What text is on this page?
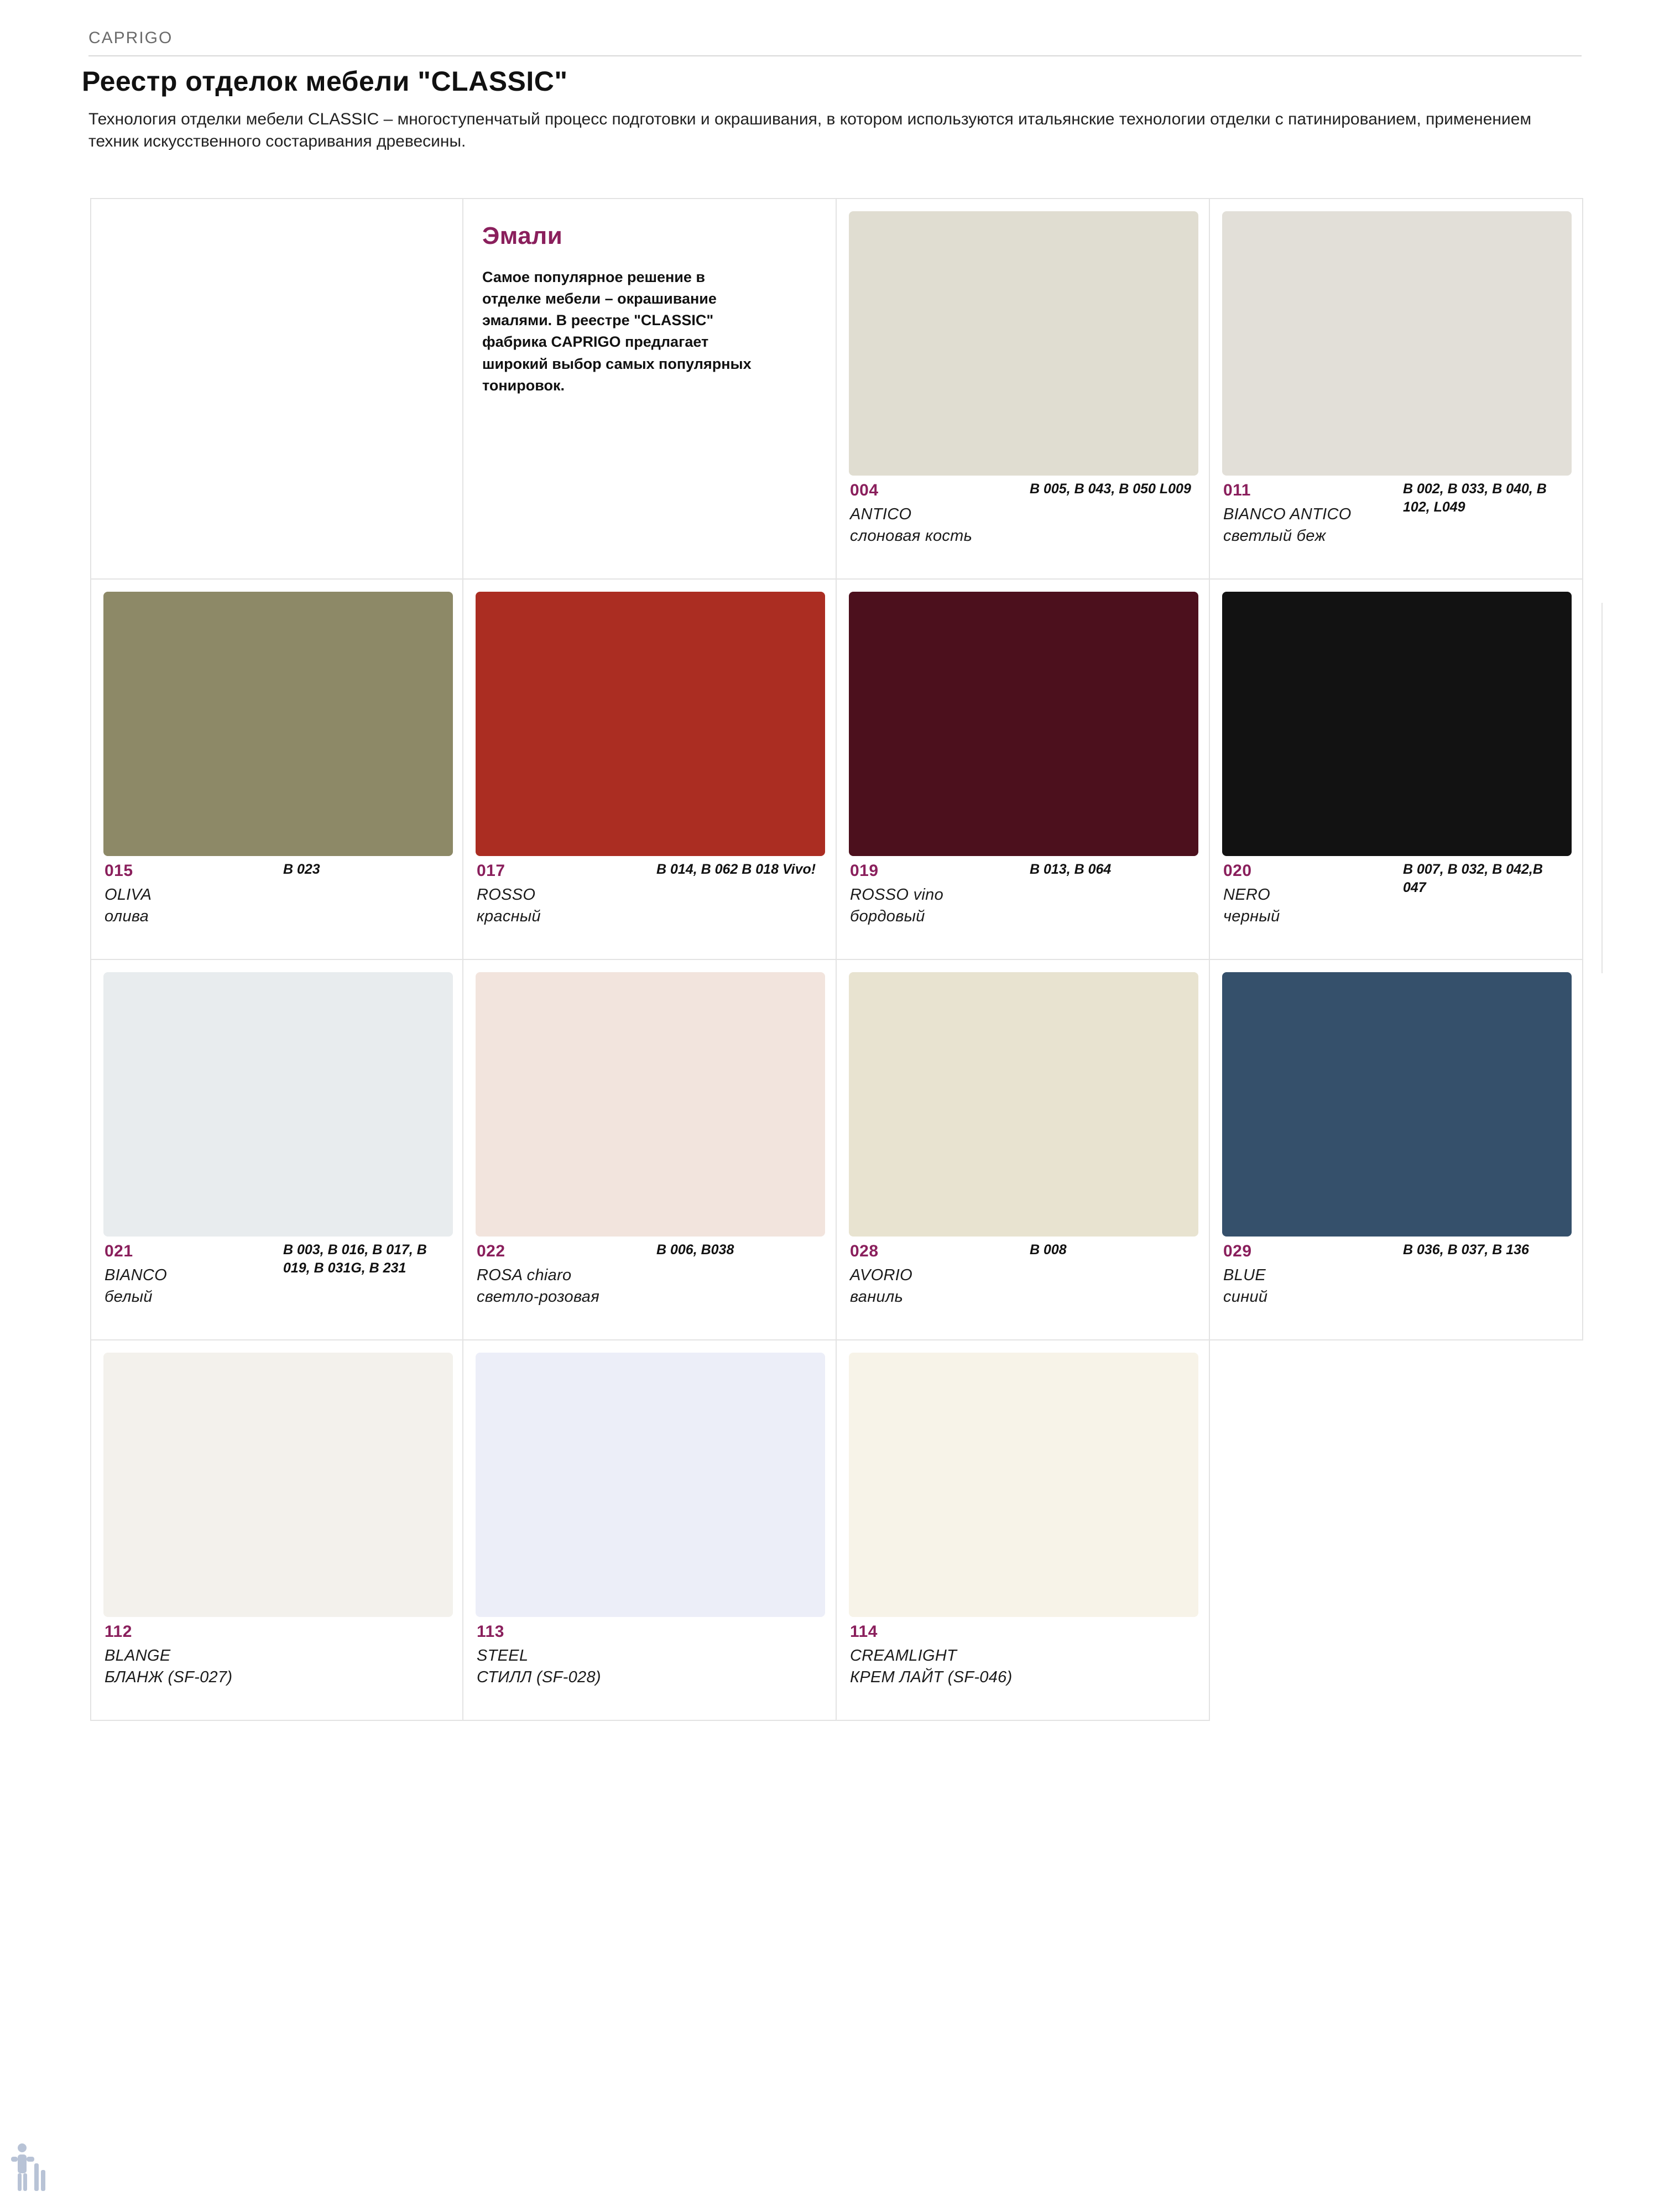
CAPRIGO
Реестр отделок мебели "CLASSIC"
Технология отделки мебели CLASSIC – многоступенчатый процесс подготовки и окрашивания, в котором используются итальянские технологии отделки с патинированием, применением техник искусственного состаривания древесины.
Эмали
Самое популярное решение в отделке мебели – окрашивание эмалями. В реестре "CLASSIC" фабрика CAPRIGO предлагает широкий выбор самых популярных тонировок.
004	B 005, B 043, B 050 L009
ANTICO
слоновая кость
011	B 002, B 033, B 040, B 102, L049
BIANCO ANTICO
светлый беж
015	B 023
OLIVA
олива
017	B 014, B 062 B 018 Vivo!
ROSSO
красный
019	B 013, B 064
ROSSO vino
бордовый
020	B 007, B 032, B 042,B 047
NERO
черный
021	B 003, B 016, B 017, B 019, B 031G, B 231
BIANCO
белый
022	B 006, B038
ROSA chiaro
светло-розовая
028	B 008
AVORIO
ваниль
029	B 036, B 037, B 136
BLUE
синий
112
BLANGE
БЛАНЖ (SF-027)
113
STEEL
СТИЛЛ (SF-028)
114
CREAMLIGHT
КРЕМ ЛАЙТ (SF-046)
